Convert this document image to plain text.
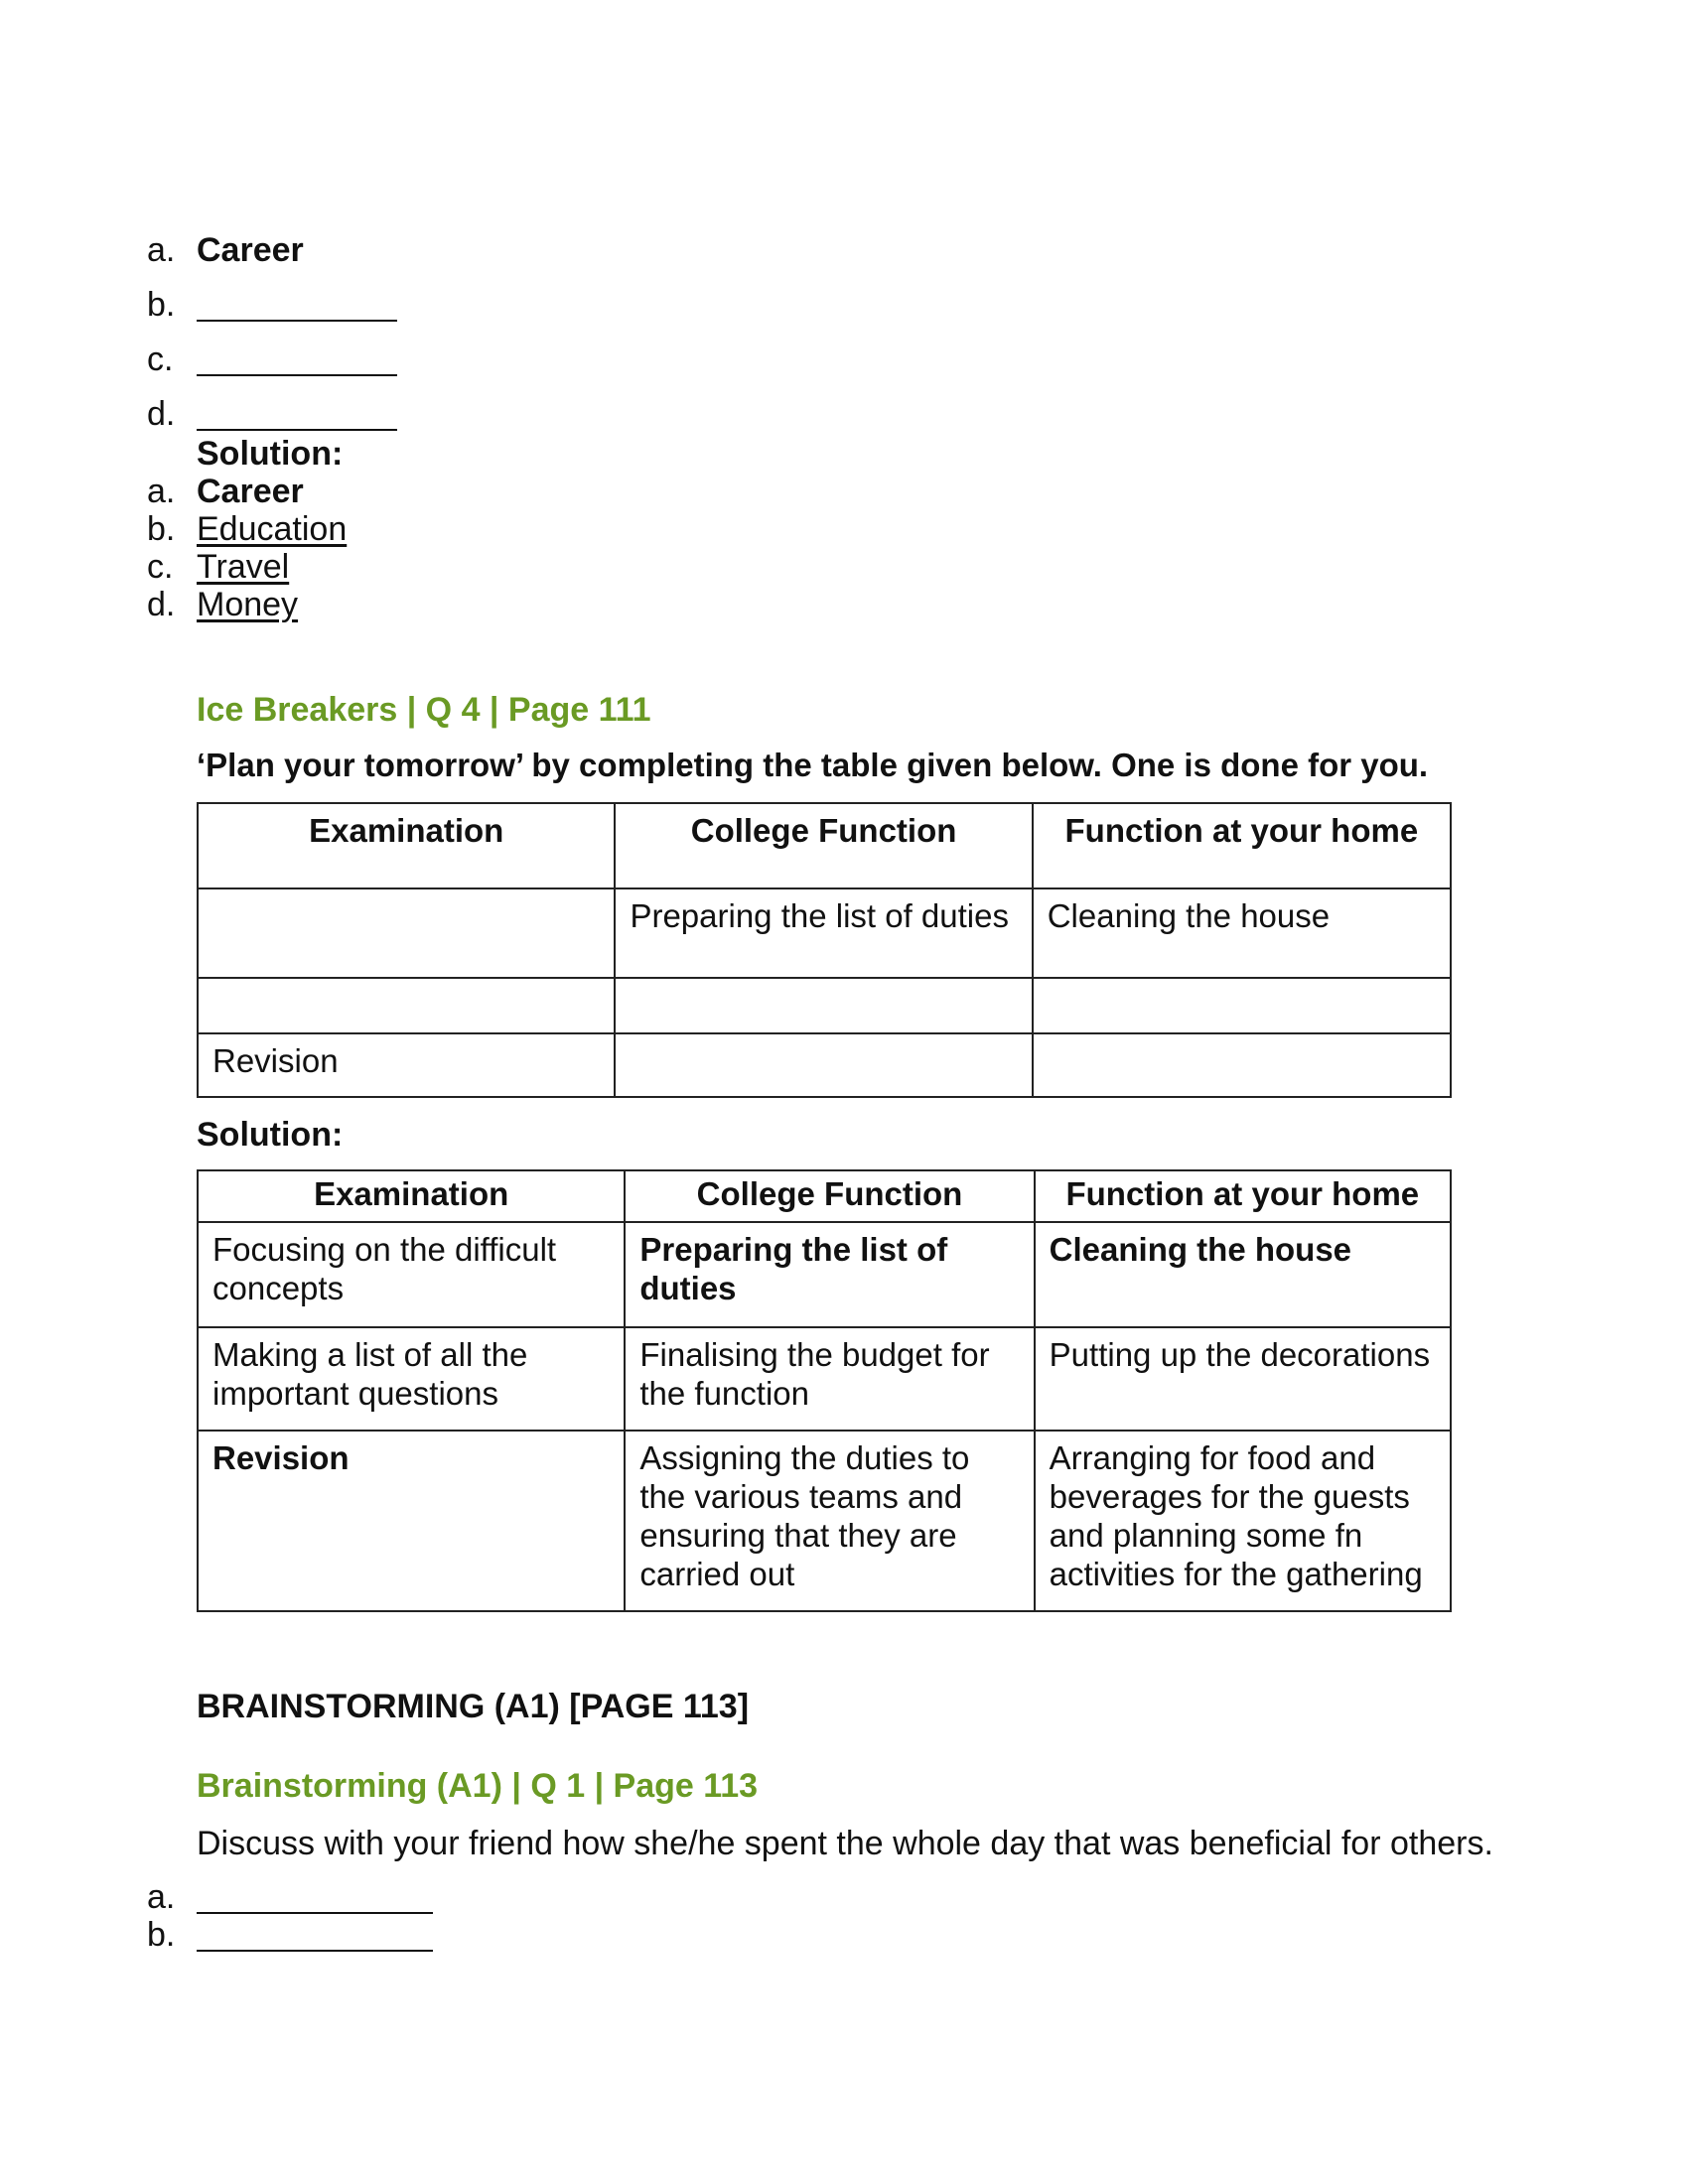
a. Career
b.
c.
d.
Solution:
a. Career
b. Education
c. Travel
d. Money
Ice Breakers | Q 4 | Page 111
‘Plan your tomorrow’ by completing the table given below. One is done for you.
Examination	College Function	Function at your home
	Preparing the list of duties	Cleaning the house

Revision		
Solution:
Examination	College Function	Function at your home
Focusing on the difficult concepts	Preparing the list of duties	Cleaning the house
Making a list of all the important questions	Finalising the budget for the function	Putting up the decorations
Revision	Assigning the duties to the various teams and ensuring that they are carried out	Arranging for food and beverages for the guests and planning some fn activities for the gathering
BRAINSTORMING (A1) [PAGE 113]
Brainstorming (A1) | Q 1 | Page 113
Discuss with your friend how she/he spent the whole day that was beneficial for others.
a.
b.
